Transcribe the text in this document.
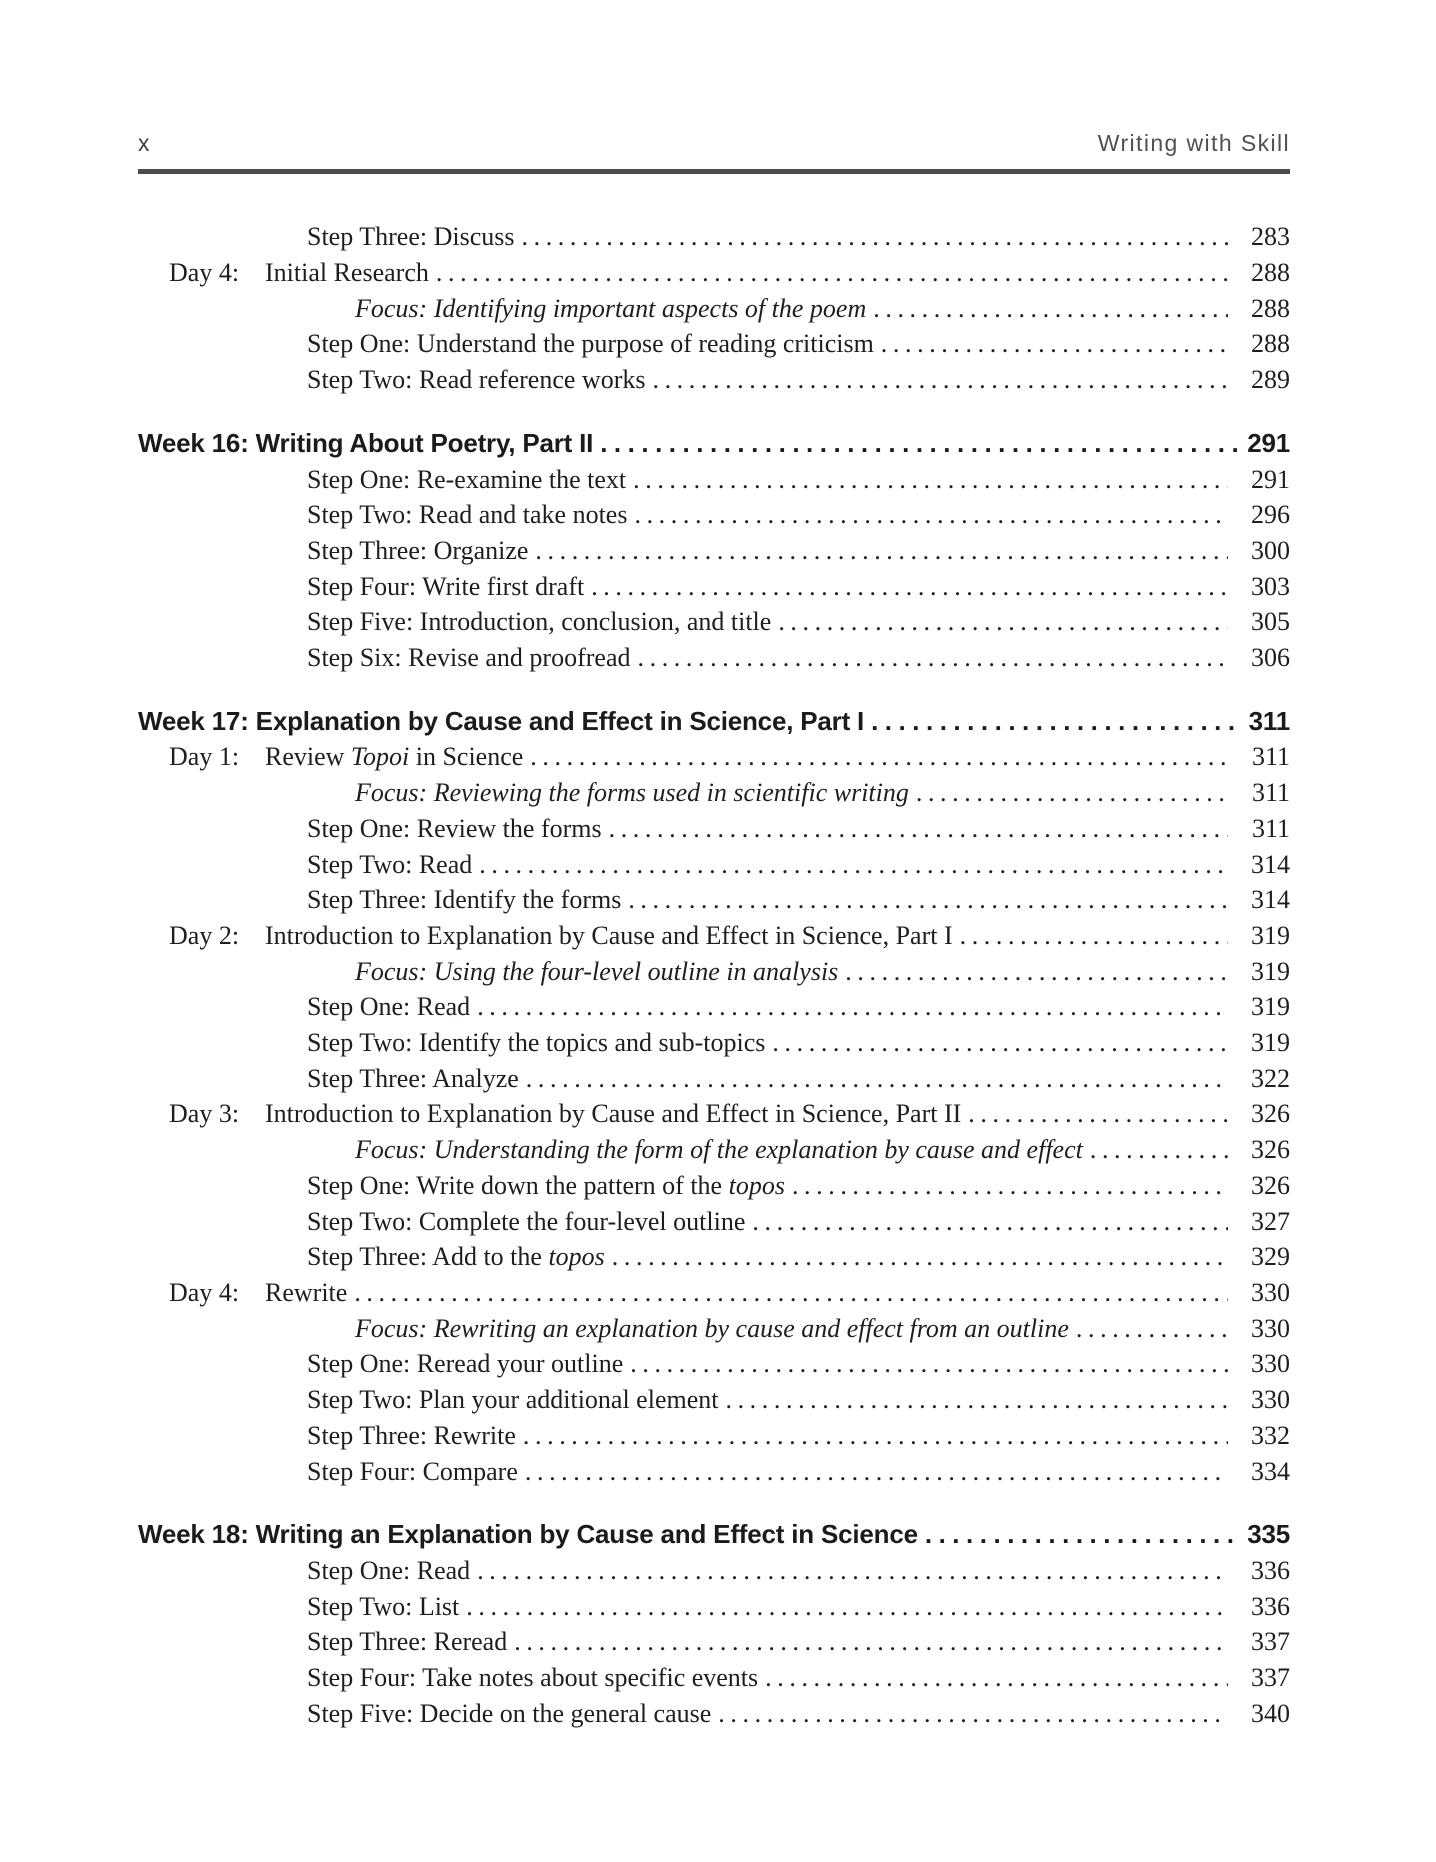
x	Writing with Skill
Step Three: Discuss .....	283
Day 4: Initial Research .....	288
Focus: Identifying important aspects of the poem .....	288
Step One: Understand the purpose of reading criticism .....	288
Step Two: Read reference works .....	289
Week 16: Writing About Poetry, Part II .....	291
Step One: Re-examine the text .....	291
Step Two: Read and take notes .....	296
Step Three: Organize .....	300
Step Four: Write first draft .....	303
Step Five: Introduction, conclusion, and title .....	305
Step Six: Revise and proofread .....	306
Week 17: Explanation by Cause and Effect in Science, Part I .....	311
Day 1: Review Topoi in Science .....	311
Focus: Reviewing the forms used in scientific writing .....	311
Step One: Review the forms .....	311
Step Two: Read .....	314
Step Three: Identify the forms .....	314
Day 2: Introduction to Explanation by Cause and Effect in Science, Part I .....	319
Focus: Using the four-level outline in analysis .....	319
Step One: Read .....	319
Step Two: Identify the topics and sub-topics .....	319
Step Three: Analyze .....	322
Day 3: Introduction to Explanation by Cause and Effect in Science, Part II .....	326
Focus: Understanding the form of the explanation by cause and effect .....	326
Step One: Write down the pattern of the topos .....	326
Step Two: Complete the four-level outline .....	327
Step Three: Add to the topos .....	329
Day 4: Rewrite .....	330
Focus: Rewriting an explanation by cause and effect from an outline .....	330
Step One: Reread your outline .....	330
Step Two: Plan your additional element .....	330
Step Three: Rewrite .....	332
Step Four: Compare .....	334
Week 18: Writing an Explanation by Cause and Effect in Science .....	335
Step One: Read .....	336
Step Two: List .....	336
Step Three: Reread .....	337
Step Four: Take notes about specific events .....	337
Step Five: Decide on the general cause .....	340
